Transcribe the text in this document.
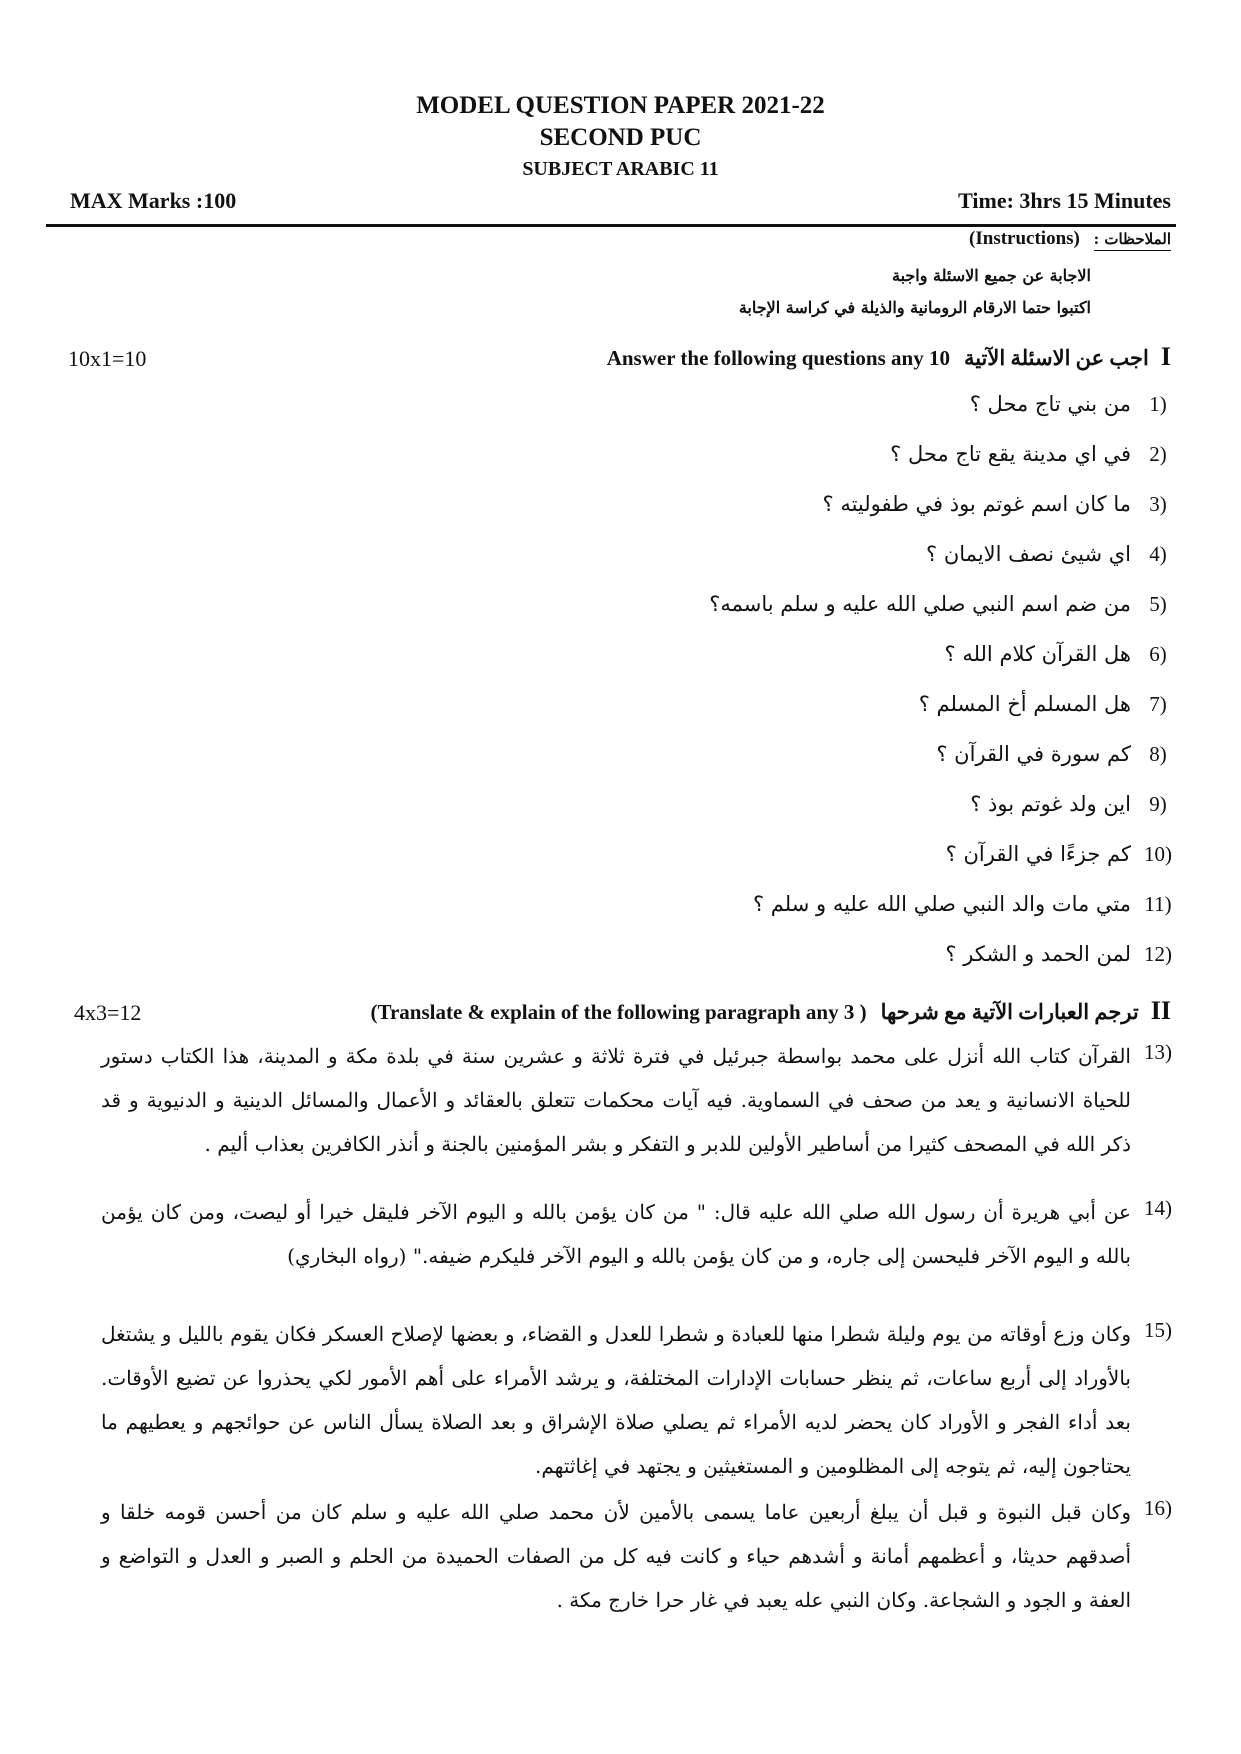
MODEL QUESTION PAPER 2021-22
SECOND PUC
SUBJECT ARABIC 11
MAX Marks :100	Time: 3hrs 15 Minutes
الملاحظات : (Instructions)
الاجابة عن جميع الاسئلة واجبة
اكتبوا حتما الارقام الرومانية والذيلة في كراسة الإجابة
I اجب عن الاسئلة الآتية Answer the following questions any 10
10x1=10
1)
من بني تاج محل ؟
2)
في اي مدينة يقع تاج محل ؟
3)
ما كان اسم غوتم بوذ في طفوليته ؟
4)
اي شيئ نصف الايمان ؟
5)
من ضم اسم النبي صلي الله عليه و سلم باسمه؟
6)
هل القرآن كلام الله ؟
7)
هل المسلم أخ المسلم ؟
8)
كم سورة في القرآن ؟
9)
اين ولد غوتم بوذ ؟
10)
كم جزءًا في القرآن ؟
11)
متي مات والد النبي صلي الله عليه و سلم ؟
12)
لمن الحمد و الشكر ؟
II ترجم العبارات الآتية مع شرحها (Translate & explain of the following paragraph any 3 )
4x3=12
13)
القرآن كتاب الله أنزل على محمد بواسطة جبرئيل في فترة ثلاثة و عشرين سنة في بلدة مكة و المدينة، هذا الكتاب دستور للحياة الانسانية و يعد من صحف في السماوية. فيه آيات محكمات تتعلق بالعقائد و الأعمال والمسائل الدينية و الدنيوية و قد ذكر الله في المصحف كثيرا من أساطير الأولين للدبر و التفكر و بشر المؤمنين بالجنة و أنذر الكافرين بعذاب أليم .
14)
عن أبي هريرة أن رسول الله صلي الله عليه قال: " من كان يؤمن بالله و اليوم الآخر فليقل خيرا أو ليصت، ومن كان يؤمن بالله و اليوم الآخر فليحسن إلى جاره، و من كان يؤمن بالله و اليوم الآخر فليكرم ضيفه." (رواه البخاري)
15)
وكان وزع أوقاته من يوم وليلة شطرا منها للعبادة و شطرا للعدل و القضاء، و بعضها لإصلاح العسكر فكان يقوم بالليل و يشتغل بالأوراد إلى أربع ساعات، ثم ينظر حسابات الإدارات المختلفة، و يرشد الأمراء على أهم الأمور لكي يحذروا عن تضيع الأوقات. بعد أداء الفجر و الأوراد كان يحضر لديه الأمراء ثم يصلي صلاة الإشراق و بعد الصلاة يسأل الناس عن حوائجهم و يعطيهم ما يحتاجون إليه، ثم يتوجه إلى المظلومين و المستغيثين و يجتهد في إغاثتهم.
16)
وكان قبل النبوة و قبل أن يبلغ أربعين عاما يسمى بالأمين لأن محمد صلي الله عليه و سلم كان من أحسن قومه خلقا و أصدقهم حديثا، و أعظمهم أمانة و أشدهم حياء و كانت فيه كل من الصفات الحميدة من الحلم و الصبر و العدل و التواضع و العفة و الجود و الشجاعة. وكان النبي عله يعبد في غار حرا خارج مكة .
